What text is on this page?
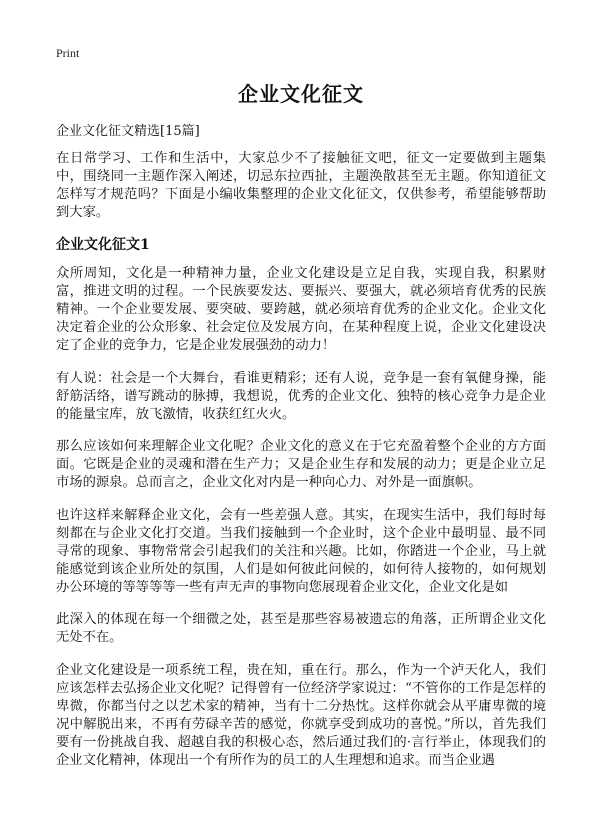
Print
企业文化征文

企业文化征文精选[15篇]

在日常学习、工作和生活中，大家总少不了接触征文吧，征文一定要做到主题集中，围绕同一主题作深入阐述，切忌东拉西扯，主题涣散甚至无主题。你知道征文怎样写才规范吗？下面是小编收集整理的企业文化征文，仅供参考，希望能够帮助到大家。

企业文化征文1

众所周知，文化是一种精神力量，企业文化建设是立足自我，实现自我，积累财富，推进文明的过程。一个民族要发达、要振兴、要强大，就必须培育优秀的民族精神。一个企业要发展、要突破、要跨越，就必须培育优秀的企业文化。企业文化决定着企业的公众形象、社会定位及发展方向，在某种程度上说，企业文化建设决定了企业的竞争力，它是企业发展强劲的动力！

有人说：社会是一个大舞台，看谁更精彩；还有人说，竞争是一套有氧健身操，能舒筋活络，谱写跳动的脉搏，我想说，优秀的企业文化、独特的核心竞争力是企业的能量宝库，放飞激情，收获红红火火。

那么应该如何来理解企业文化呢？企业文化的意义在于它充盈着整个企业的方方面面。它既是企业的灵魂和潜在生产力；又是企业生存和发展的动力；更是企业立足市场的源泉。总而言之，企业文化对内是一种向心力、对外是一面旗帜。

也许这样来解释企业文化，会有一些差强人意。其实，在现实生活中，我们每时每刻都在与企业文化打交道。当我们接触到一个企业时，这个企业中最明显、最不同寻常的现象、事物常常会引起我们的关注和兴趣。比如，你踏进一个企业，马上就能感觉到该企业所处的氛围，人们是如何彼此问候的，如何待人接物的，如何规划办公环境的等等等等一些有声无声的事物向您展现着企业文化，企业文化是如

此深入的体现在每一个细微之处，甚至是那些容易被遗忘的角落，正所谓企业文化无处不在。

企业文化建设是一项系统工程，贵在知，重在行。那么，作为一个泸天化人，我们应该怎样去弘扬企业文化呢？记得曾有一位经济学家说过：“不管你的工作是怎样的卑微，你都当付之以艺术家的精神，当有十二分热忱。这样你就会从平庸卑微的境况中解脱出来，不再有劳碌辛苦的感觉，你就享受到成功的喜悦。”所以，首先我们要有一份挑战自我、超越自我的积极心态，然后通过我们的·言行举止，体现我们的企业文化精神，体现出一个有所作为的员工的人生理想和追求。而当企业遇
